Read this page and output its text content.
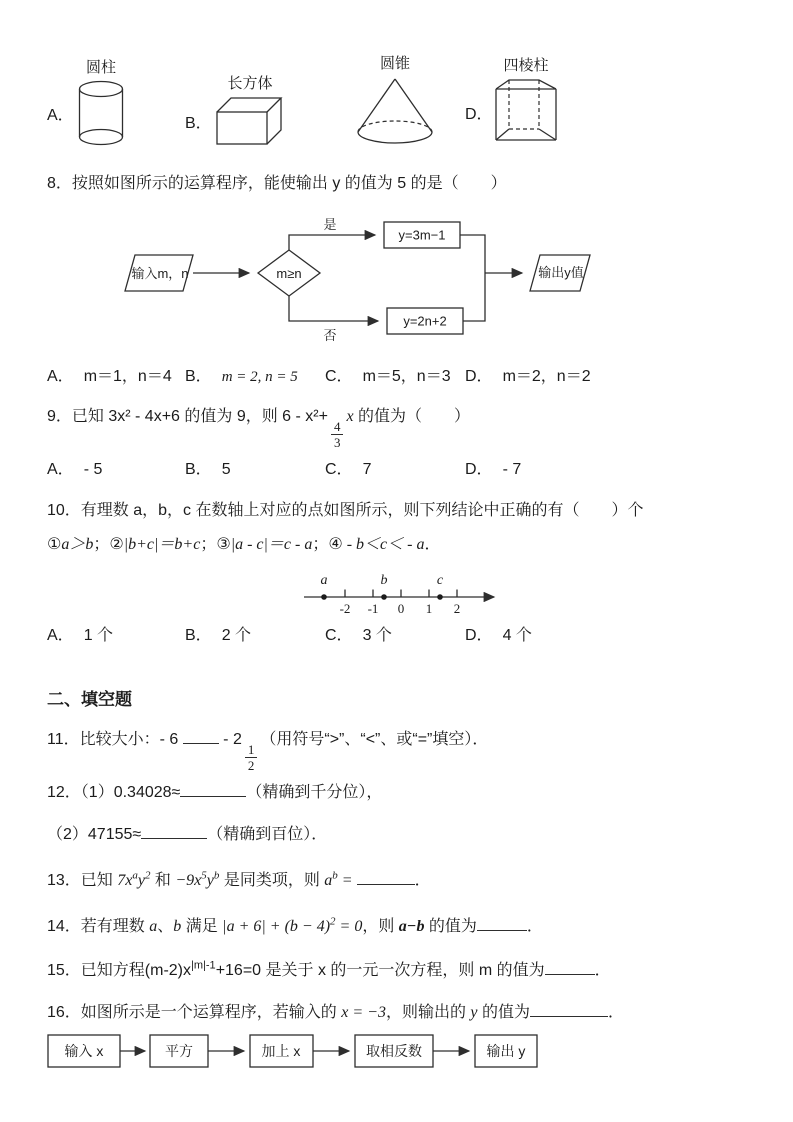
圆柱
A．
长方体
B．
圆锥	四棱柱
D．

8．按照如图所示的运算程序，能使输出 y 的值为 5 的是（　　）

输入m，n	m≥n
是
y=3m−1
否
y=2n+2
输出y值
A． m＝1，n＝4 B． m = 2, n = 5	C． m＝5，n＝3 D． m＝2，n＝2

9．已知 3x² - 4x+6 的值为 9，则 6 - x²+
$\frac{4}{3}$
x 的值为（　　）

A． - 5	B． 5	C． 7	D． - 7

10．有理数 a，b，c 在数轴上对应的点如图所示，则下列结论中正确的有（　　）个

①a＞b；②|b+c|＝b+c；③|a - c|＝c - a；④ - b＜c＜ - a．

-2 -1 0 1 2
a	b	c
A． 1 个	B． 2 个	C． 3 个	D． 4 个

二、填空题

11．比较大小：- 6  - 2
$\frac{1}{2}$
（用符号“>”、“<”、或“=”填空）．

12．（1）0.34028≈	（精确到千分位），

（2）47155≈	（精确到百位）．

13．已知 $7x^ay^2$ 和 $-9x^5y^b$ 是同类项，则 $a^b$ =	．

14．若有理数 a、b 满足 $|a + 6| + (b - 4)^2 = 0$，则 a−b 的值为	．

15．已知方程$(m-2)x^{|m|-1}+16=0$ 是关于 x 的一元一次方程，则 m 的值为	．

16．如图所示是一个运算程序，若输入的 x = −3，则输出的 y 的值为	．

输入 x	平方	加上 x	取相反数	输出 y
